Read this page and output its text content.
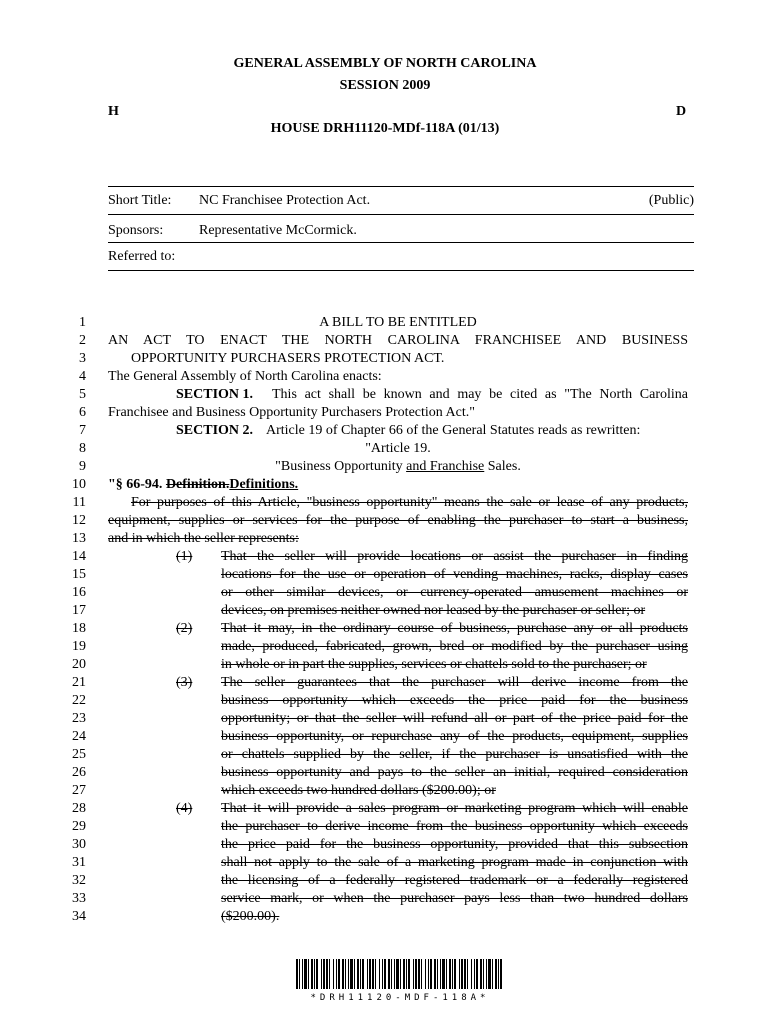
GENERAL ASSEMBLY OF NORTH CAROLINA
SESSION 2009
H	D
HOUSE DRH11120-MDf-118A (01/13)
Short Title: NC Franchisee Protection Act.	(Public)
Sponsors:	Representative McCormick.
Referred to:
1	A BILL TO BE ENTITLED
2 AN ACT TO ENACT THE NORTH CAROLINA FRANCHISEE AND BUSINESS
3	OPPORTUNITY PURCHASERS PROTECTION ACT.
4 The General Assembly of North Carolina enacts:
5	SECTION 1. This act shall be known and may be cited as "The North Carolina
6 Franchisee and Business Opportunity Purchasers Protection Act."
7	SECTION 2. Article 19 of Chapter 66 of the General Statutes reads as rewritten:
8	"Article 19.
9	"Business Opportunity and Franchise Sales.
10 "§ 66-94. Definition.Definitions.
11	For purposes of this Article, "business opportunity" means the sale or lease of any products,
12 equipment, supplies or services for the purpose of enabling the purchaser to start a business,
13 and in which the seller represents:
14	(1) That the seller will provide locations or assist the purchaser in finding
15	locations for the use or operation of vending machines, racks, display cases
16	or other similar devices, or currency-operated amusement machines or
17	devices, on premises neither owned nor leased by the purchaser or seller; or
18	(2) That it may, in the ordinary course of business, purchase any or all products
19	made, produced, fabricated, grown, bred or modified by the purchaser using
20	in whole or in part the supplies, services or chattels sold to the purchaser; or
21	(3) The seller guarantees that the purchaser will derive income from the
22	business opportunity which exceeds the price paid for the business
23	opportunity; or that the seller will refund all or part of the price paid for the
24	business opportunity, or repurchase any of the products, equipment, supplies
25	or chattels supplied by the seller, if the purchaser is unsatisfied with the
26	business opportunity and pays to the seller an initial, required consideration
27	which exceeds two hundred dollars ($200.00); or
28	(4) That it will provide a sales program or marketing program which will enable
29	the purchaser to derive income from the business opportunity which exceeds
30	the price paid for the business opportunity, provided that this subsection
31	shall not apply to the sale of a marketing program made in conjunction with
32	the licensing of a federally registered trademark or a federally registered
33	service mark, or when the purchaser pays less than two hundred dollars
34	($200.00).
*DRH11120-MDF-118A*
